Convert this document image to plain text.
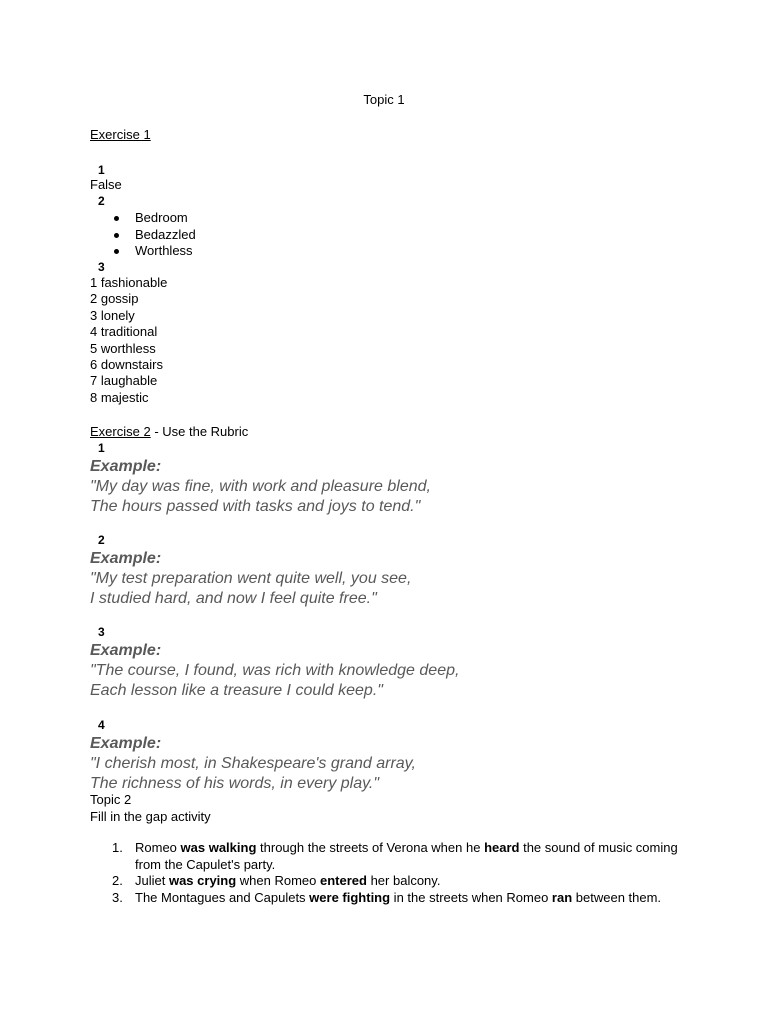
Topic 1
Exercise 1
1
False
2
Bedroom
Bedazzled
Worthless
3
1 fashionable
2 gossip
3 lonely
4 traditional
5 worthless
6 downstairs
7 laughable
8 majestic
Exercise 2 - Use the Rubric
1
Example:
"My day was fine, with work and pleasure blend,
The hours passed with tasks and joys to tend."
2
Example:
"My test preparation went quite well, you see,
I studied hard, and now I feel quite free."
3
Example:
"The course, I found, was rich with knowledge deep,
Each lesson like a treasure I could keep."
4
Example:
"I cherish most, in Shakespeare's grand array,
The richness of his words, in every play."
Topic 2
Fill in the gap activity
1. Romeo was walking through the streets of Verona when he heard the sound of music coming from the Capulet's party.
2. Juliet was crying when Romeo entered her balcony.
3. The Montagues and Capulets were fighting in the streets when Romeo ran between them.
